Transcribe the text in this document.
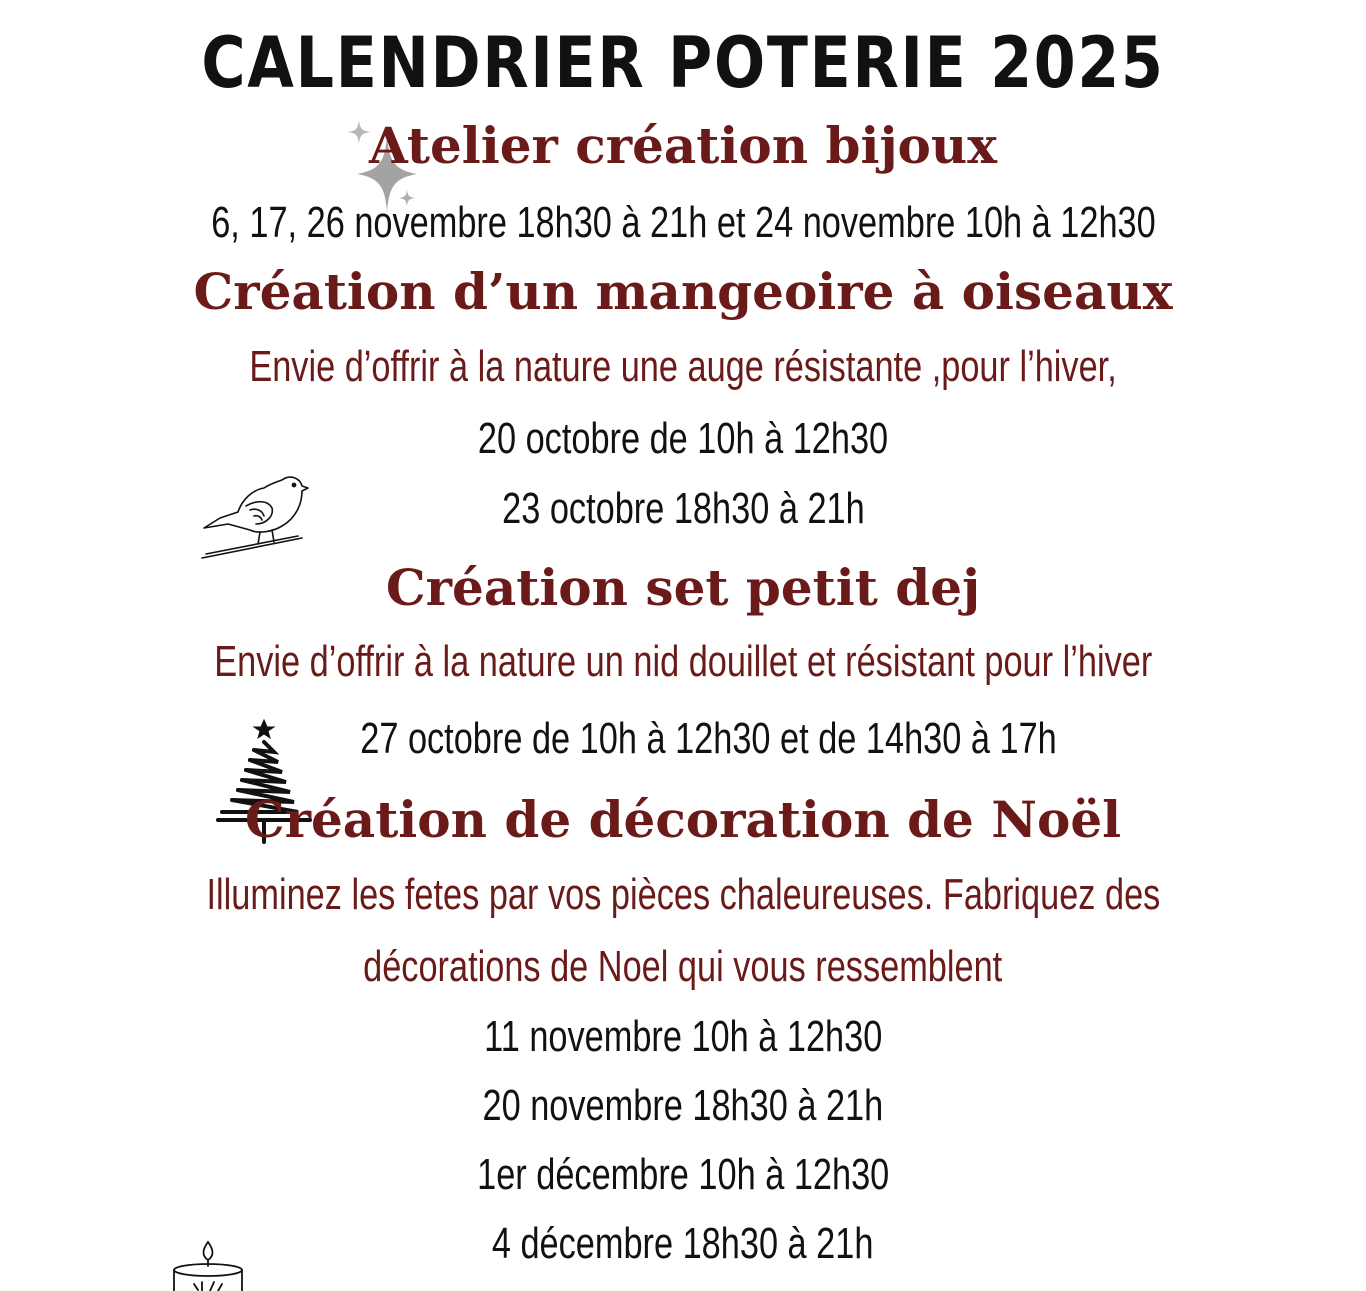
CALENDRIER POTERIE 2025
Atelier création bijoux
6, 17, 26 novembre 18h30 à 21h et 24 novembre 10h à 12h30
Création d’un mangeoire à oiseaux
Envie d’offrir à la nature une auge résistante ,pour l’hiver,
20 octobre de 10h à 12h30
23 octobre 18h30 à 21h
Création set petit dej
Envie d’offrir à la nature un nid douillet et résistant pour l’hiver
27 octobre de 10h à 12h30 et de 14h30 à 17h
Création de décoration de Noël
Illuminez les fetes par vos pièces chaleureuses. Fabriquez des
décorations de Noel qui vous ressemblent
11 novembre 10h à 12h30
20 novembre 18h30 à 21h
1er décembre 10h à 12h30
4 décembre 18h30 à 21h
